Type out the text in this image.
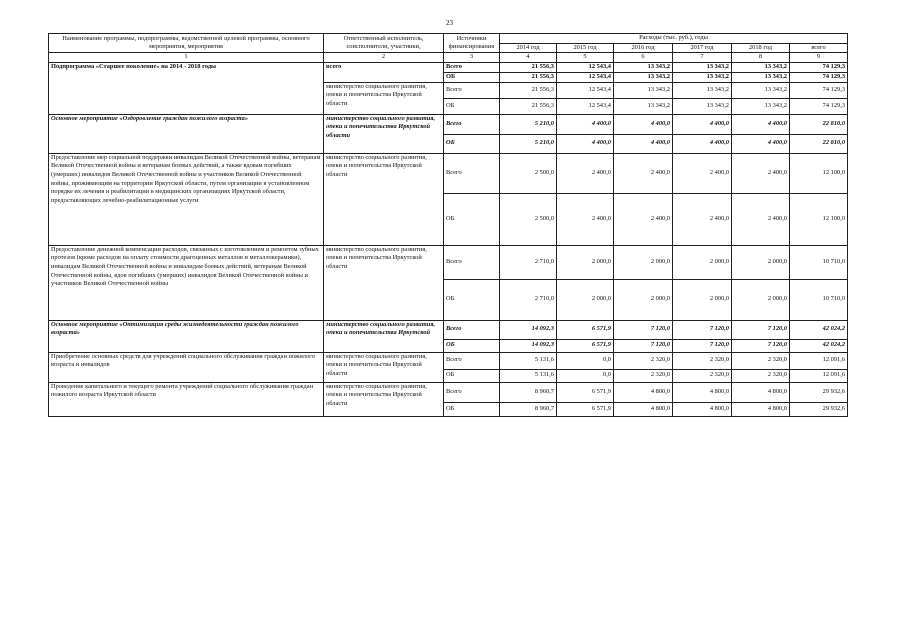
23
Наименование программы, подпрограммы, ведомственной целевой программы, основного мероприятия, мероприятия	Ответственный исполнитель, соисполнители, участники,	Источники финансирования	Расходы (тыс. руб.), годы					
			2014 год	2015 год	2016 год	2017 год	2018 год	всего
1	2	3	4	5	6	7	8	9
Подпрограмма «Старшее поколение» на 2014 - 2018 годы	всего	Всего	21 556,3	12 543,4	13 343,2	13 343,2	13 343,2	74 129,3
		ОБ	21 556,3	12 543,4	13 343,2	13 343,2	13 343,2	74 129,3
	министерство социального развития, опеки и попечительства Иркутской области	Всего	21 556,3	12 543,4	13 343,2	13 343,2	13 343,2	74 129,3
		ОБ	21 556,3	12 543,4	13 343,2	13 343,2	13 343,2	74 129,3
Основное мероприятие «Оздоровление граждан пожилого возраста»	министерство социального развития, опеки и попечительства Иркутской области	Всего	5 210,0	4 400,0	4 400,0	4 400,0	4 400,0	22 810,0
		ОБ	5 210,0	4 400,0	4 400,0	4 400,0	4 400,0	22 810,0
Предоставление мер социальной поддержки инвалидам Великой Отечественной войны, ветеранам Великой Отечественной войны и ветеранам боевых действий, а также вдовам погибших (умерших) инвалидов Великой Отечественной войны и участников Великой Отечественной войны, проживающим на территории Иркутской области, путем организации в установленном порядке их лечения и реабилитации в медицинских организациях Иркутской области, предоставляющих лечебно-реабилитационные услуги	министерство социального развития, опеки и попечительства Иркутской области	Всего	2 500,0	2 400,0	2 400,0	2 400,0	2 400,0	12 100,0
		ОБ	2 500,0	2 400,0	2 400,0	2 400,0	2 400,0	12 100,0
Предоставление денежной компенсации расходов, связанных с изготовлением и ремонтом зубных протезов (кроме расходов на оплату стоимости драгоценных металлов и металлокерамики), инвалидам Великой Отечественной войны и инвалидам боевых действий, ветеранам Великой Отечественной войны, вдов погибших (умерших) инвалидов Великой Отечественной войны и участников Великой Отечественной войны	министерство социального развития, опеки и попечительства Иркутской области	Всего	2 710,0	2 000,0	2 000,0	2 000,0	2 000,0	10 710,0
		ОБ	2 710,0	2 000,0	2 000,0	2 000,0	2 000,0	10 710,0
Основное мероприятие «Оптимизация среды жизнедеятельности граждан пожилого возраста»	министерство социального развития, опеки и попечительства Иркутской	Всего	14 092,3	6 571,9	7 120,0	7 120,0	7 120,0	42 024,2
		ОБ	14 092,3	6 571,9	7 120,0	7 120,0	7 120,0	42 024,2
Приобретение основных средств для учреждений социального обслуживания граждан пожилого возраста и инвалидов	министерство социального развития, опеки и попечительства Иркутской области	Всего	5 131,6	0,0	2 320,0	2 320,0	2 320,0	12 091,6
		ОБ	5 131,6	0,0	2 320,0	2 320,0	2 320,0	12 091,6
Проведение капитального и текущего ремонта учреждений социального обслуживания граждан пожилого возраста Иркутской области	министерство социального развития, опеки и попечительства Иркутской области	Всего	8 960,7	6 571,9	4 800,0	4 800,0	4 800,0	29 932,6
		ОБ	8 960,7	6 571,9	4 800,0	4 800,0	4 800,0	29 932,6
